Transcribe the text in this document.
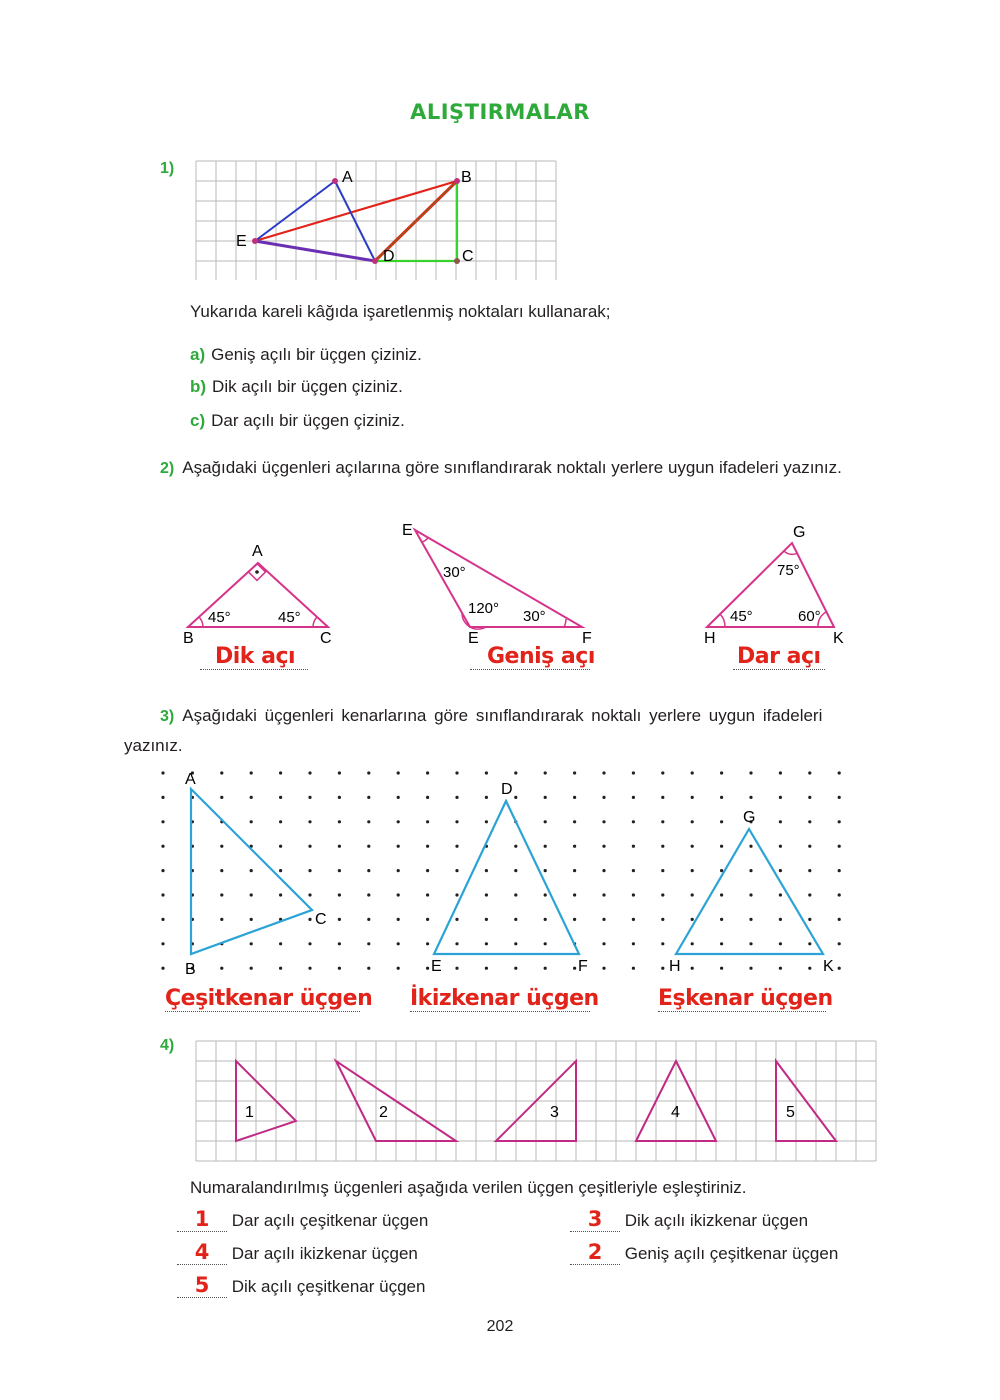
ALIŞTIRMALAR
1)
A	B
C
D
E
Yukarıda kareli kâğıda işaretlenmiş noktaları kullanarak;
a) Geniş açılı bir üçgen çiziniz.
b) Dik açılı bir üçgen çiziniz.
c) Dar açılı bir üçgen çiziniz.
2) Aşağıdaki üçgenleri açılarına göre sınıflandırarak noktalı yerlere uygun ifadeleri yazınız.
A
B	C
45°	45°
E
E	F
30°
120° 30°
G
H	K
75°
45°	60°
Dik açı	Geniş açı	Dar açı
3) Aşağıdaki üçgenleri kenarlarına göre sınıflandırarak noktalı yerlere uygun ifadeleri
yazınız.
A
B
C
D
E	F
G
H	K
Çeşitkenar üçgen İkizkenar üçgen	Eşkenar üçgen
4)
1	2	3	4	5
Numaralandırılmış üçgenleri aşağıda verilen üçgen çeşitleriyle eşleştiriniz.
1 Dar açılı çeşitkenar üçgen	3 Dik açılı ikizkenar üçgen
4 Dar açılı ikizkenar üçgen	2 Geniş açılı çeşitkenar üçgen
5 Dik açılı çeşitkenar üçgen
202
